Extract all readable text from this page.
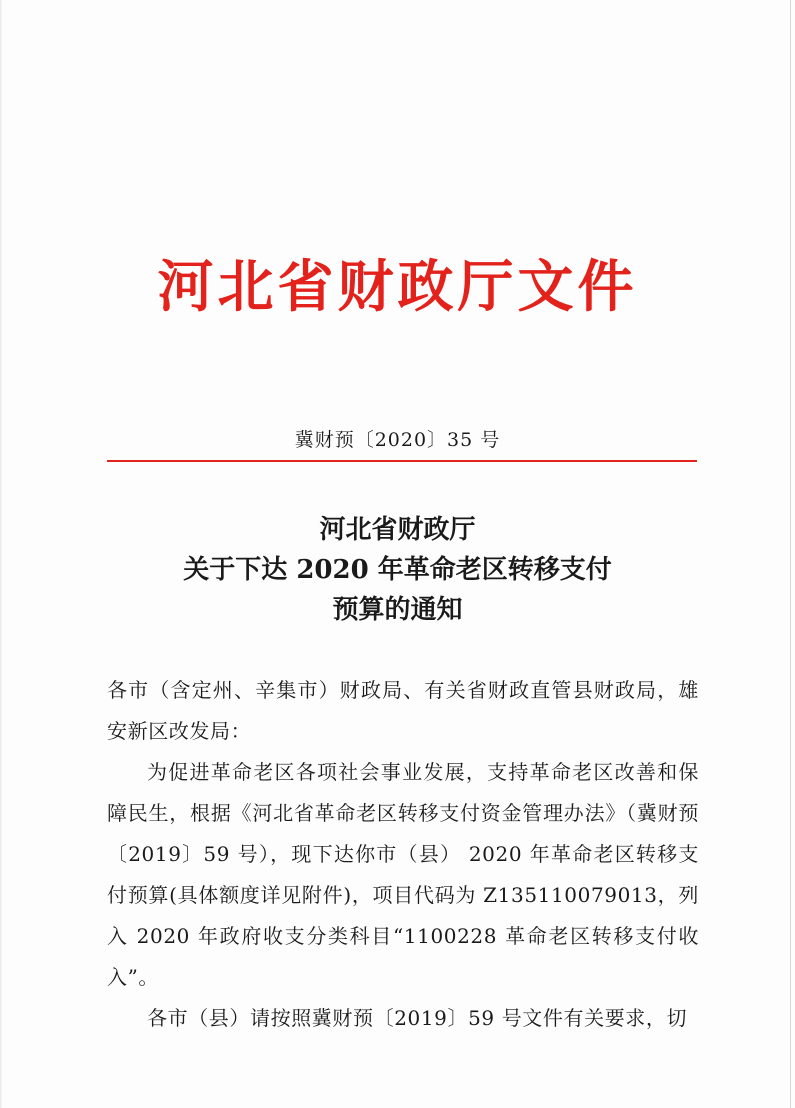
河北省财政厅文件
冀财预〔2020〕35 号
河北省财政厅
关于下达 2020 年革命老区转移支付
预算的通知

各市（含定州、辛集市）财政局、有关省财政直管县财政局，雄安新区改发局：

为促进革命老区各项社会事业发展，支持革命老区改善和保障民生，根据《河北省革命老区转移支付资金管理办法》（冀财预〔2019〕59 号），现下达你市（县） 2020 年革命老区转移支付预算(具体额度详见附件)，项目代码为 Z135110079013，列入 2020 年政府收支分类科目“1100228 革命老区转移支付收入”。

各市（县）请按照冀财预〔2019〕59 号文件有关要求，切
